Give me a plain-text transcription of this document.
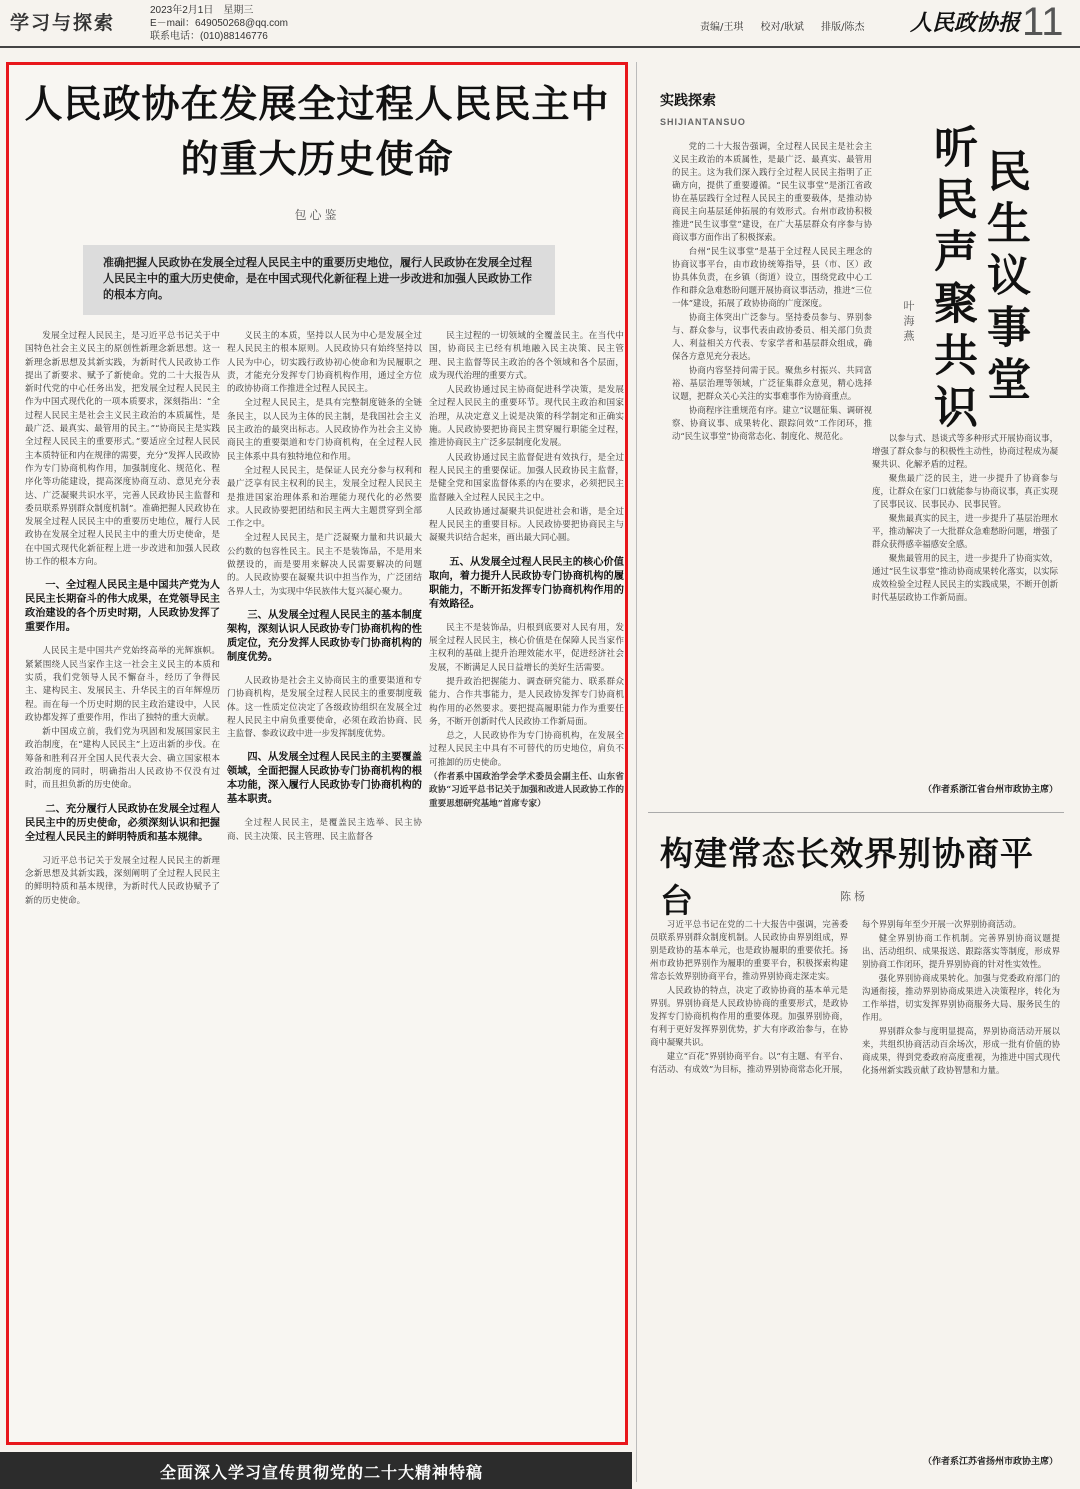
学习与探索
2023年2月1日　星期三
E－mail：649050268@qq.com
联系电话：(010)88146776
责编/王琪 校对/耿斌 排版/陈杰 人民政协报 11
人民政协在发展全过程人民民主中的重大历史使命
包心鉴
准确把握人民政协在发展全过程人民民主中的重要历史地位，履行人民政协在发展全过程人民民主中的重大历史使命，是在中国式现代化新征程上进一步改进和加强人民政协工作的根本方向。

发展全过程人民民主，是习近平总书记关于中国特色社会主义民主的原创性新理念新思想。这一新理念新思想及其新实践，为新时代人民政协工作提出了新要求、赋予了新使命。党的二十大报告从新时代党的中心任务出发，把发展全过程人民民主作为中国式现代化的一项本质要求，深刻指出：“全过程人民民主是社会主义民主政治的本质属性，是最广泛、最真实、最管用的民主。”“协商民主是实践全过程人民民主的重要形式。”要适应全过程人民民主本质特征和内在规律的需要，充分“发挥人民政协作为专门协商机构作用，加强制度化、规范化、程序化等功能建设，提高深度协商互动、意见充分表达、广泛凝聚共识水平，完善人民政协民主监督和委员联系界别群众制度机制”。准确把握人民政协在发展全过程人民民主中的重要历史地位，履行人民政协在发展全过程人民民主中的重大历史使命，是在中国式现代化新征程上进一步改进和加强人民政协工作的根本方向。

一、全过程人民民主是中国共产党为人民民主长期奋斗的伟大成果，在党领导民主政治建设的各个历史时期，人民政协发挥了重要作用。

人民民主是中国共产党始终高举的光辉旗帜。紧紧围绕人民当家作主这一社会主义民主的本质和实质，我们党领导人民不懈奋斗，经历了争得民主、建构民主、发展民主、升华民主的百年辉煌历程。而在每一个历史时期的民主政治建设中，人民政协都发挥了重要作用，作出了独特的重大贡献。

新中国成立前，我们党为巩固和发展国家民主政治制度，在“建构人民民主”上迈出新的步伐。在筹备和胜利召开全国人民代表大会、确立国家根本政治制度的同时，明确指出人民政协不仅没有过时，而且担负新的历史使命。

二、充分履行人民政协在发展全过程人民民主中的历史使命，必须深刻认识和把握全过程人民民主的鲜明特质和基本规律。

习近平总书记关于发展全过程人民民主的新理念新思想及其新实践，深刻阐明了全过程人民民主的鲜明特质和基本规律，为新时代人民政协赋予了新的历史使命。

义民主的本质，坚持以人民为中心是发展全过程人民民主的根本原则。人民政协只有始终坚持以人民为中心，切实践行政协初心使命和为民履职之责，才能充分发挥专门协商机构作用，通过全方位的政协协商工作推进全过程人民民主。

全过程人民民主，是具有完整制度链条的全链条民主，以人民为主体的民主制，是我国社会主义民主政治的最突出标志。人民政协作为社会主义协商民主的重要渠道和专门协商机构，在全过程人民民主体系中具有独特地位和作用。

全过程人民民主，是保证人民充分参与权利和最广泛享有民主权利的民主，发展全过程人民民主是推进国家治理体系和治理能力现代化的必然要求。人民政协要把团结和民主两大主题贯穿到全部工作之中。

全过程人民民主，是广泛凝聚力量和共识最大公约数的包容性民主。民主不是装饰品，不是用来做摆设的，而是要用来解决人民需要解决的问题的。人民政协要在凝聚共识中担当作为，广泛团结各界人士，为实现中华民族伟大复兴凝心聚力。

三、从发展全过程人民民主的基本制度架构，深刻认识人民政协专门协商机构的性质定位，充分发挥人民政协专门协商机构的制度优势。

人民政协是社会主义协商民主的重要渠道和专门协商机构，是发展全过程人民民主的重要制度载体。这一性质定位决定了各级政协组织在发展全过程人民民主中肩负重要使命，必须在政治协商、民主监督、参政议政中进一步发挥制度优势。

四、从发展全过程人民民主的主要覆盖领域，全面把握人民政协专门协商机构的根本功能，深入履行人民政协专门协商机构的基本职责。

全过程人民民主，是覆盖民主选举、民主协商、民主决策、民主管理、民主监督各

民主过程的一切领域的全覆盖民主。在当代中国，协商民主已经有机地融入民主决策、民主管理、民主监督等民主政治的各个领域和各个层面，成为现代治理的重要方式。

人民政协通过民主协商促进科学决策，是发展全过程人民民主的重要环节。现代民主政治和国家治理，从决定意义上说是决策的科学制定和正确实施。人民政协要把协商民主贯穿履行职能全过程，推进协商民主广泛多层制度化发展。

人民政协通过民主监督促进有效执行，是全过程人民民主的重要保证。加强人民政协民主监督，是健全党和国家监督体系的内在要求，必须把民主监督融入全过程人民民主之中。

人民政协通过凝聚共识促进社会和谐，是全过程人民民主的重要目标。人民政协要把协商民主与凝聚共识结合起来，画出最大同心圆。

五、从发展全过程人民民主的核心价值取向，着力提升人民政协专门协商机构的履职能力，不断开拓发挥专门协商机构作用的有效路径。

民主不是装饰品，归根到底要对人民有用，发展全过程人民民主，核心价值是在保障人民当家作主权利的基础上提升治理效能水平，促进经济社会发展，不断满足人民日益增长的美好生活需要。

提升政治把握能力、调查研究能力、联系群众能力、合作共事能力，是人民政协发挥专门协商机构作用的必然要求。要把提高履职能力作为重要任务，不断开创新时代人民政协工作新局面。

总之，人民政协作为专门协商机构，在发展全过程人民民主中具有不可替代的历史地位，肩负不可推卸的历史使命。

（作者系中国政治学会学术委员会副主任、山东省政协“习近平总书记关于加强和改进人民政协工作的重要思想研究基地”首席专家）

全面深入学习宣传贯彻党的二十大精神特稿
实践探索
SHIJIANTANSUO
民生议事堂
听民声聚共识
叶海燕

党的二十大报告强调，全过程人民民主是社会主义民主政治的本质属性，是最广泛、最真实、最管用的民主。这为我们深入践行全过程人民民主指明了正确方向，提供了重要遵循。“民生议事堂”是浙江省政协在基层践行全过程人民民主的重要载体，是推动协商民主向基层延伸拓展的有效形式。台州市政协积极推进“民生议事堂”建设，在广大基层群众有序参与协商议事方面作出了积极探索。

台州“民生议事堂”是基于全过程人民民主理念的协商议事平台，由市政协统筹指导，县（市、区）政协具体负责，在乡镇（街道）设立，围绕党政中心工作和群众急难愁盼问题开展协商议事活动，推进“三位一体”建设，拓展了政协协商的广度深度。

协商主体突出广泛参与。坚持委员参与、界别参与、群众参与，议事代表由政协委员、相关部门负责人、利益相关方代表、专家学者和基层群众组成，确保各方意见充分表达。

协商内容坚持问需于民。聚焦乡村振兴、共同富裕、基层治理等领域，广泛征集群众意见，精心选择议题，把群众关心关注的实事难事作为协商重点。

协商程序注重规范有序。建立“议题征集、调研视察、协商议事、成果转化、跟踪问效”工作闭环，推动“民生议事堂”协商常态化、制度化、规范化。	以参与式、恳谈式等多种形式开展协商议事，增强了群众参与的积极性主动性，协商过程成为凝聚共识、化解矛盾的过程。

聚焦最广泛的民主，进一步提升了协商参与度，让群众在家门口就能参与协商议事，真正实现了民事民议、民事民办、民事民管。

聚焦最真实的民主，进一步提升了基层治理水平，推动解决了一大批群众急难愁盼问题，增强了群众获得感幸福感安全感。

聚焦最管用的民主，进一步提升了协商实效，通过“民生议事堂”推动协商成果转化落实，以实际成效检验全过程人民民主的实践成果，不断开创新时代基层政协工作新局面。

（作者系浙江省台州市政协主席）
构建常态长效界别协商平台	陈杨

习近平总书记在党的二十大报告中强调，完善委员联系界别群众制度机制。人民政协由界别组成，界别是政协的基本单元，也是政协履职的重要依托。扬州市政协把界别作为履职的重要平台，积极探索构建常态长效界别协商平台，推动界别协商走深走实。

人民政协的特点，决定了政协协商的基本单元是界别。界别协商是人民政协协商的重要形式，是政协发挥专门协商机构作用的重要体现。加强界别协商，有利于更好发挥界别优势，扩大有序政治参与，在协商中凝聚共识。

建立“百花”界别协商平台。以“有主题、有平台、有活动、有成效”为目标，推动界别协商常态化开展，每个界别每年至少开展一次界别协商活动。

健全界别协商工作机制。完善界别协商议题提出、活动组织、成果报送、跟踪落实等制度，形成界别协商工作闭环，提升界别协商的针对性实效性。

强化界别协商成果转化。加强与党委政府部门的沟通衔接，推动界别协商成果进入决策程序，转化为工作举措，切实发挥界别协商服务大局、服务民生的作用。

界别群众参与度明显提高，界别协商活动开展以来，共组织协商活动百余场次，形成一批有价值的协商成果，得到党委政府高度重视，为推进中国式现代化扬州新实践贡献了政协智慧和力量。

（作者系江苏省扬州市政协主席）
